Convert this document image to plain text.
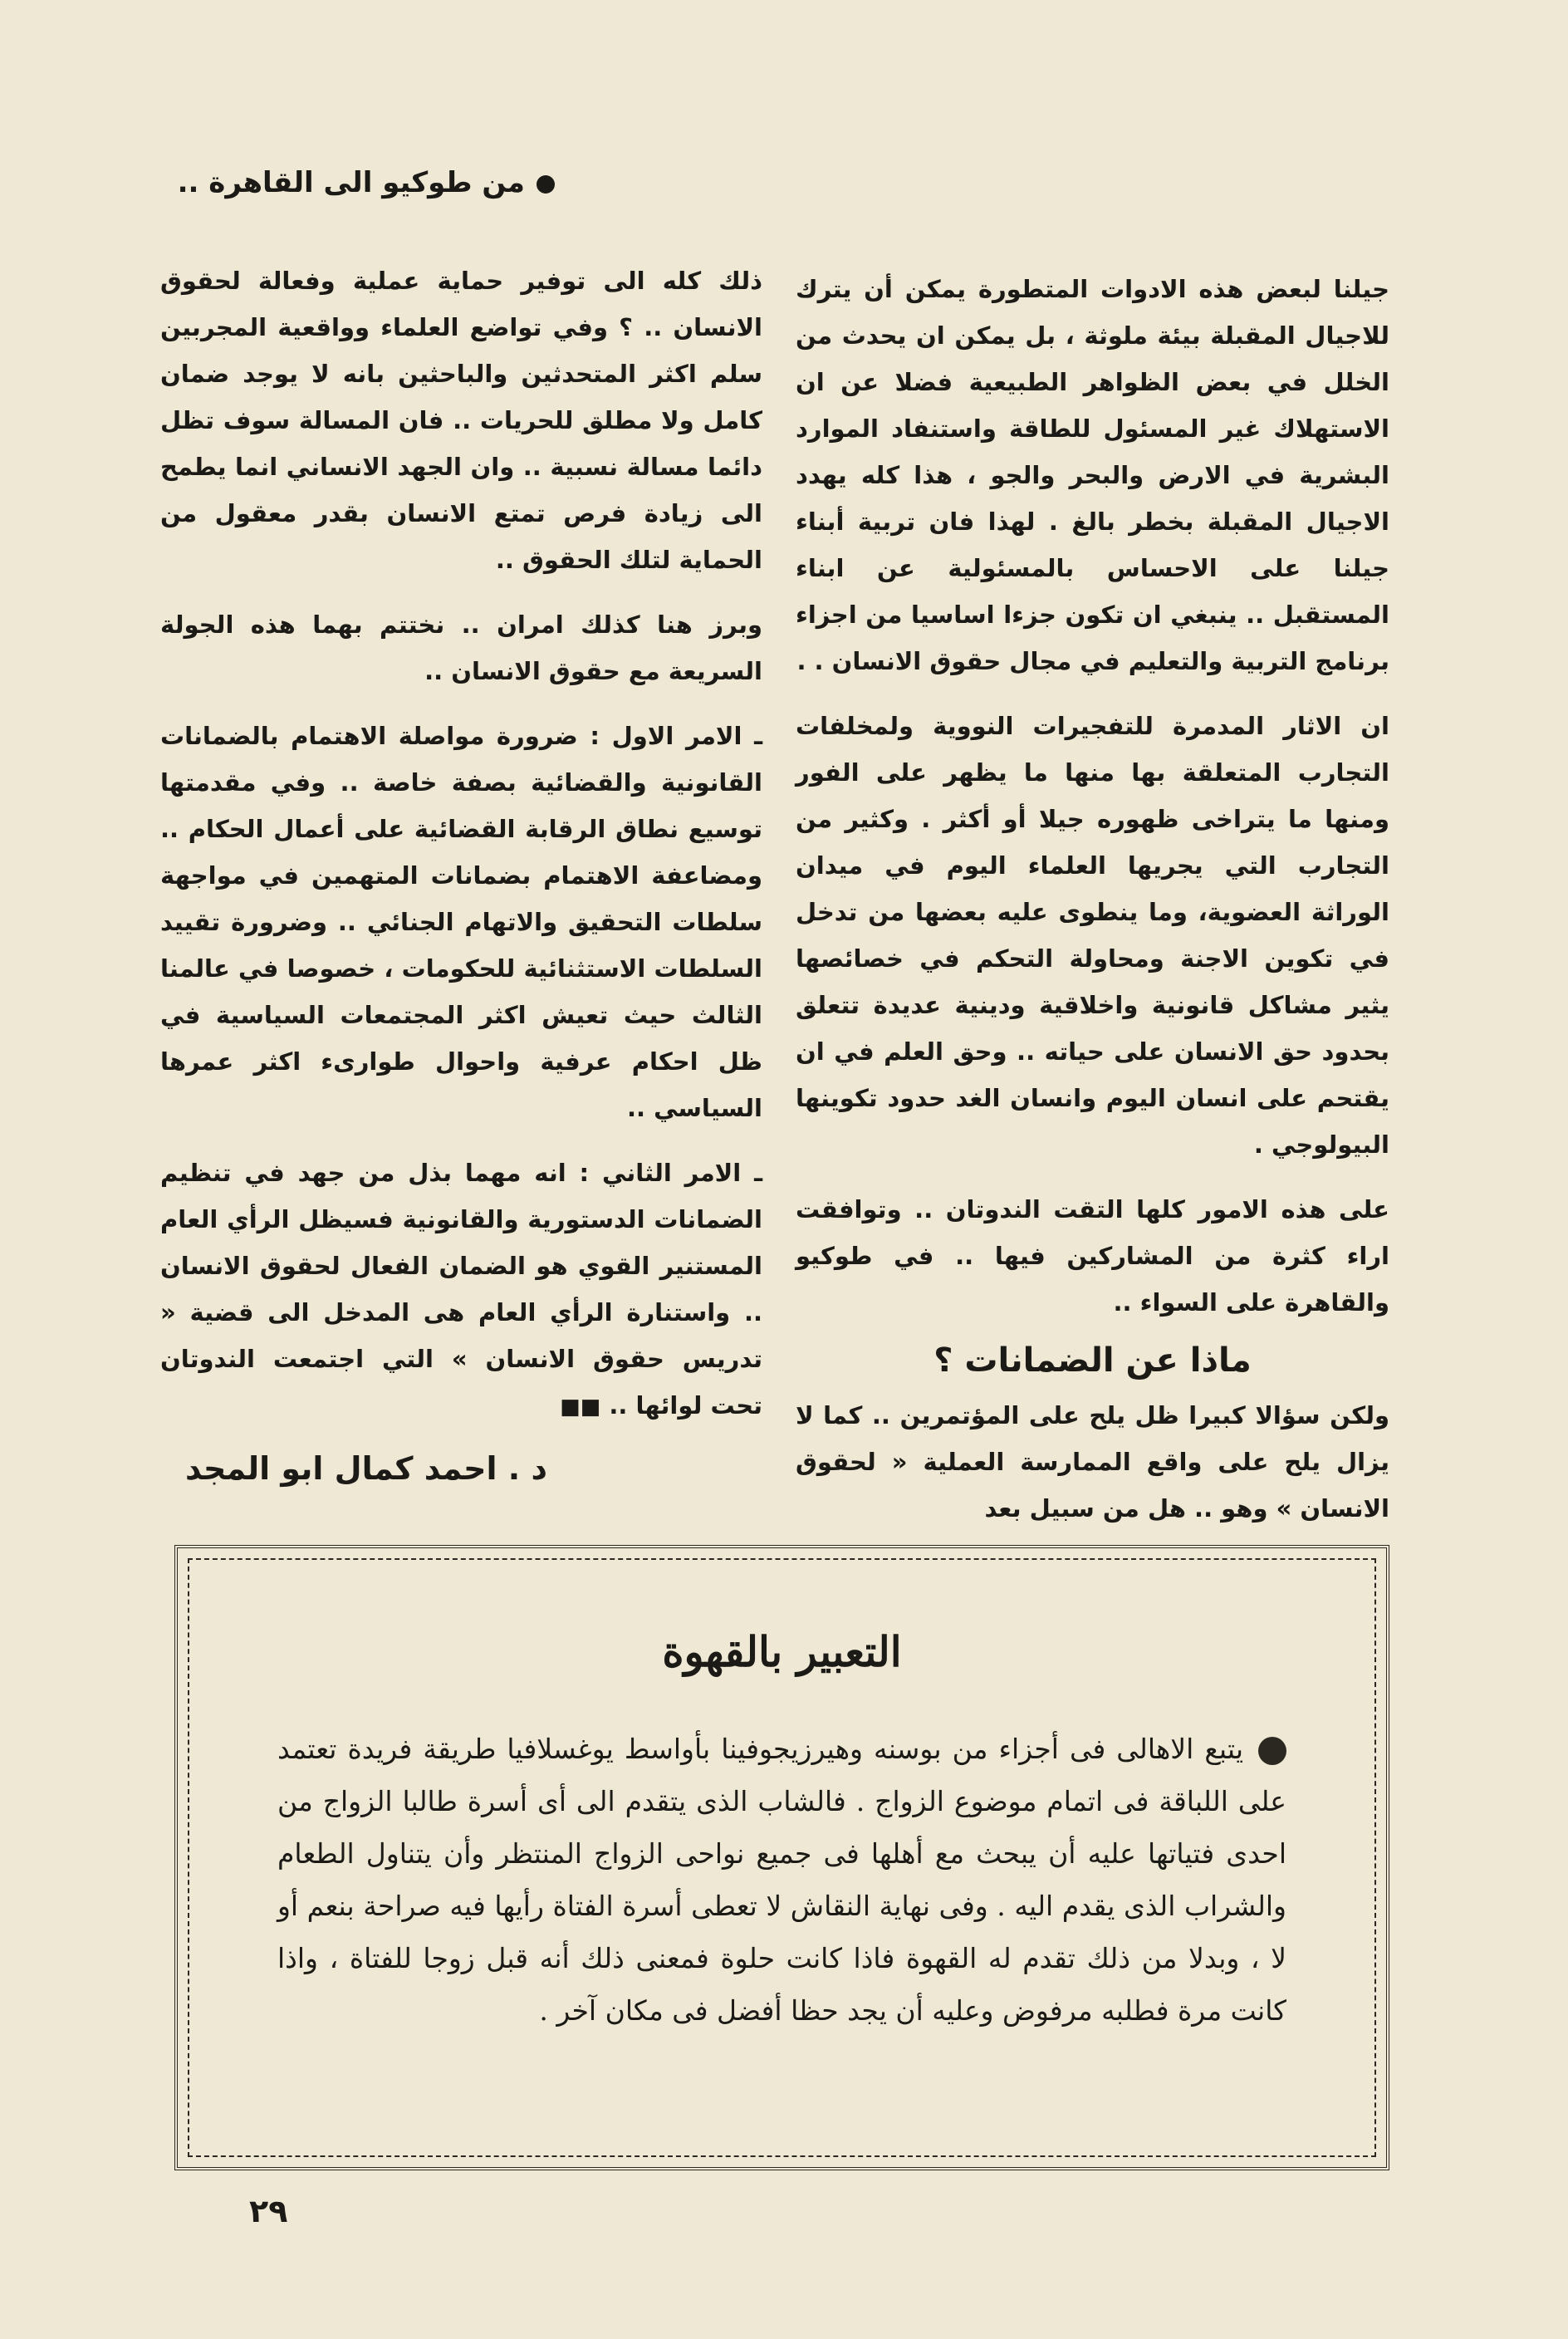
من طوكيو الى القاهرة ..

جيلنا لبعض هذه الادوات المتطورة يمكن أن يترك للاجيال المقبلة بيئة ملوثة ، بل يمكن ان يحدث من الخلل في بعض الظواهر الطبيعية فضلا عن ان الاستهلاك غير المسئول للطاقة واستنفاد الموارد البشرية في الارض والبحر والجو ، هذا كله يهدد الاجيال المقبلة بخطر بالغ . لهذا فان تربية أبناء جيلنا على الاحساس بالمسئولية عن ابناء المستقبل .. ينبغي ان تكون جزءا اساسيا من اجزاء برنامج التربية والتعليم في مجال حقوق الانسان . .

ان الاثار المدمرة للتفجيرات النووية ولمخلفات التجارب المتعلقة بها منها ما يظهر على الفور ومنها ما يتراخى ظهوره جيلا أو أكثر . وكثير من التجارب التي يجريها العلماء اليوم في ميدان الوراثة العضوية، وما ينطوى عليه بعضها من تدخل في تكوين الاجنة ومحاولة التحكم في خصائصها يثير مشاكل قانونية واخلاقية ودينية عديدة تتعلق بحدود حق الانسان على حياته .. وحق العلم في ان يقتحم على انسان اليوم وانسان الغد حدود تكوينها البيولوجي .

على هذه الامور كلها التقت الندوتان .. وتوافقت اراء كثرة من المشاركين فيها .. في طوكيو والقاهرة على السواء ..

ماذا عن الضمانات ؟

ولكن سؤالا كبيرا ظل يلح على المؤتمرين .. كما لا يزال يلح على واقع الممارسة العملية « لحقوق الانسان » وهو .. هل من سبيل بعد

ذلك كله الى توفير حماية عملية وفعالة لحقوق الانسان .. ؟ وفي تواضع العلماء وواقعية المجربين سلم اكثر المتحدثين والباحثين بانه لا يوجد ضمان كامل ولا مطلق للحريات .. فان المسالة سوف تظل دائما مسالة نسبية .. وان الجهد الانساني انما يطمح الى زيادة فرص تمتع الانسان بقدر معقول من الحماية لتلك الحقوق ..

وبرز هنا كذلك امران .. نختتم بهما هذه الجولة السريعة مع حقوق الانسان ..

ـ الامر الاول : ضرورة مواصلة الاهتمام بالضمانات القانونية والقضائية بصفة خاصة .. وفي مقدمتها توسيع نطاق الرقابة القضائية على أعمال الحكام .. ومضاعفة الاهتمام بضمانات المتهمين في مواجهة سلطات التحقيق والاتهام الجنائي .. وضرورة تقييد السلطات الاستثنائية للحكومات ، خصوصا في عالمنا الثالث حيث تعيش اكثر المجتمعات السياسية في ظل احكام عرفية واحوال طوارىء اكثر عمرها السياسي ..

ـ الامر الثاني : انه مهما بذل من جهد في تنظيم الضمانات الدستورية والقانونية فسيظل الرأي العام المستنير القوي هو الضمان الفعال لحقوق الانسان .. واستنارة الرأي العام هى المدخل الى قضية « تدريس حقوق الانسان » التي اجتمعت الندوتان تحت لوائها .. ■■

د . احمد كمال ابو المجد
التعبير بالقهوة
يتبع الاهالى فى أجزاء من بوسنه وهيرزيجوفينا بأواسط يوغسلافيا طريقة فريدة تعتمد على اللباقة فى اتمام موضوع الزواج . فالشاب الذى يتقدم الى أى أسرة طالبا الزواج من احدى فتياتها عليه أن يبحث مع أهلها فى جميع نواحى الزواج المنتظر وأن يتناول الطعام والشراب الذى يقدم اليه . وفى نهاية النقاش لا تعطى أسرة الفتاة رأيها فيه صراحة بنعم أو لا ، وبدلا من ذلك تقدم له القهوة فاذا كانت حلوة فمعنى ذلك أنه قبل زوجا للفتاة ، واذا كانت مرة فطلبه مرفوض وعليه أن يجد حظا أفضل فى مكان آخر .
٢٩
